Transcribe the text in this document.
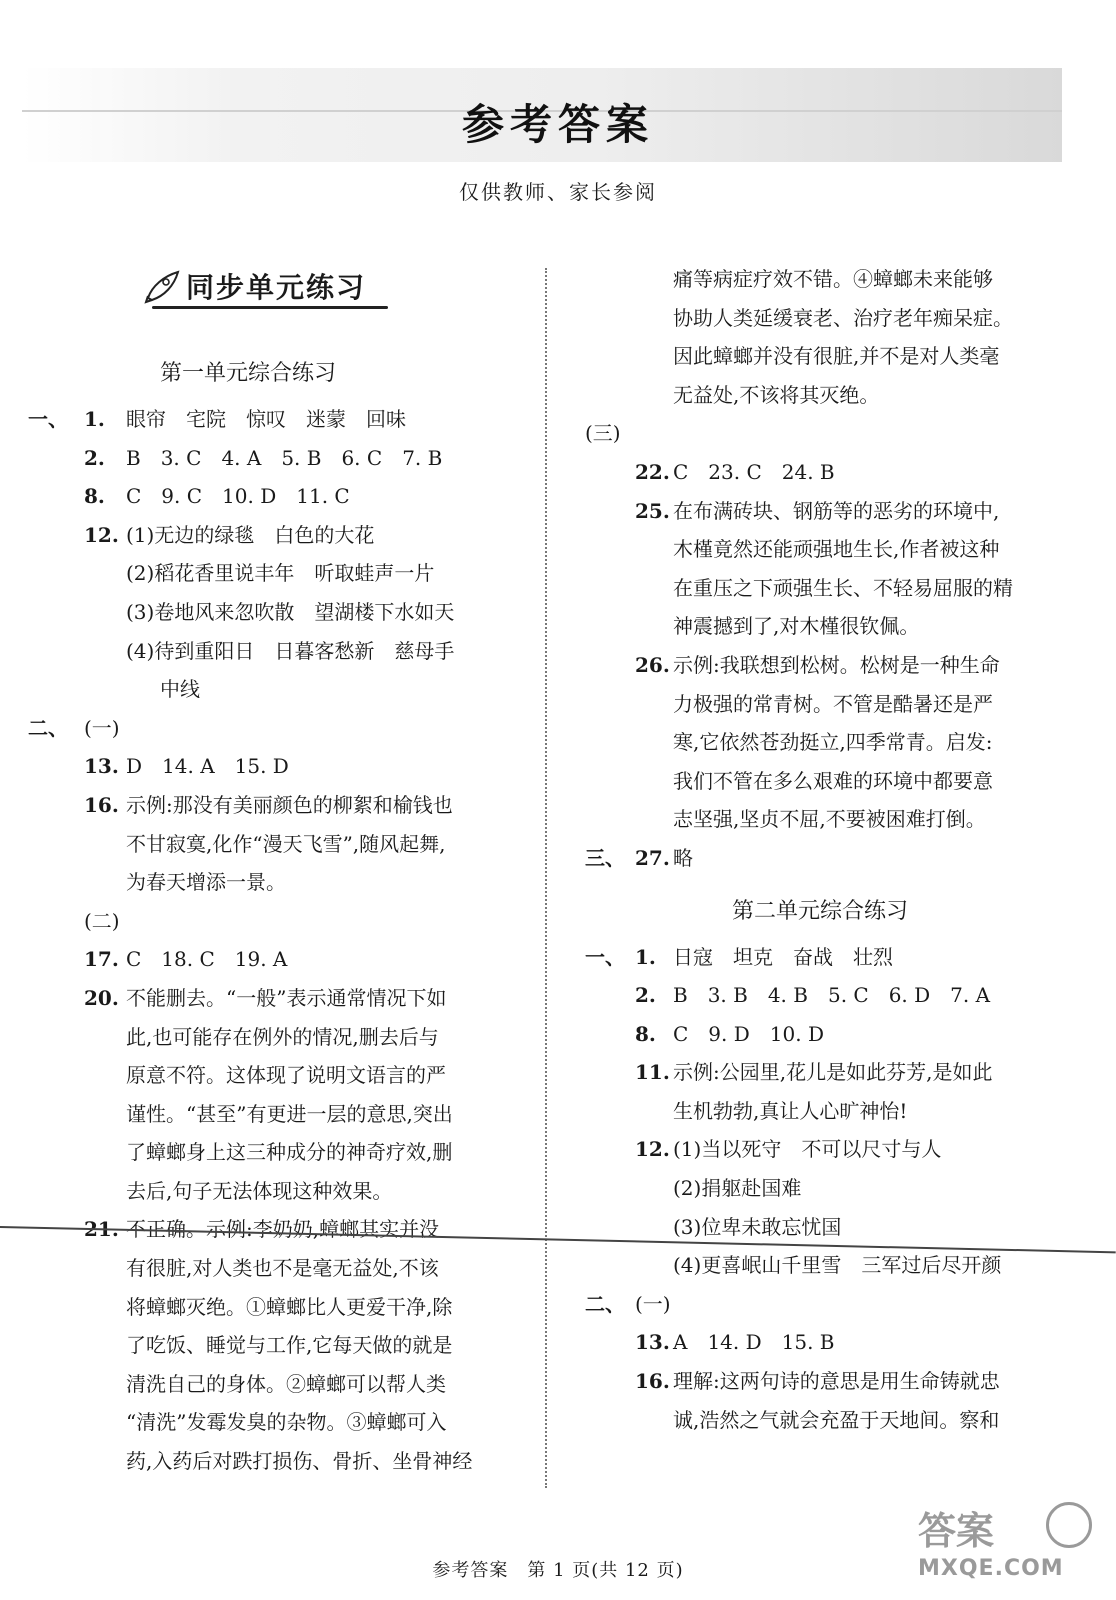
参考答案
仅供教师、家长参阅
同步单元练习
第一单元综合练习
一、 1. 眼帘　宅院　惊叹　迷蒙　回味
2. B　3. C　4. A　5. B　6. C　7. B
8. C　9. C　10. D　11. C
12. (1)无边的绿毯　白色的大花
(2)稻花香里说丰年　听取蛙声一片
(3)卷地风来忽吹散　望湖楼下水如天
(4)待到重阳日　日暮客愁新　慈母手
中线
二、 (一)
13. D　14. A　15. D
16. 示例:那没有美丽颜色的柳絮和榆钱也
不甘寂寞,化作“漫天飞雪”,随风起舞,
为春天增添一景。
(二)
17. C　18. C　19. A
20. 不能删去。“一般”表示通常情况下如
此,也可能存在例外的情况,删去后与
原意不符。这体现了说明文语言的严
谨性。“甚至”有更进一层的意思,突出
了蟑螂身上这三种成分的神奇疗效,删
去后,句子无法体现这种效果。
21. 不正确。示例:李奶奶,蟑螂其实并没
有很脏,对人类也不是毫无益处,不该
将蟑螂灭绝。①蟑螂比人更爱干净,除
了吃饭、睡觉与工作,它每天做的就是
清洗自己的身体。②蟑螂可以帮人类
“清洗”发霉发臭的杂物。③蟑螂可入
药,入药后对跌打损伤、骨折、坐骨神经
痛等病症疗效不错。④蟑螂未来能够
协助人类延缓衰老、治疗老年痴呆症。
因此蟑螂并没有很脏,并不是对人类毫
无益处,不该将其灭绝。
(三)
22. C　23. C　24. B
25. 在布满砖块、钢筋等的恶劣的环境中,
木槿竟然还能顽强地生长,作者被这种
在重压之下顽强生长、不轻易屈服的精
神震撼到了,对木槿很钦佩。
26. 示例:我联想到松树。松树是一种生命
力极强的常青树。不管是酷暑还是严
寒,它依然苍劲挺立,四季常青。启发:
我们不管在多么艰难的环境中都要意
志坚强,坚贞不屈,不要被困难打倒。
三、 27. 略
第二单元综合练习
一、 1. 日寇　坦克　奋战　壮烈
2. B　3. B　4. B　5. C　6. D　7. A
8. C　9. D　10. D
11. 示例:公园里,花儿是如此芬芳,是如此
生机勃勃,真让人心旷神怡!
12. (1)当以死守　不可以尺寸与人
(2)捐躯赴国难
(3)位卑未敢忘忧国
(4)更喜岷山千里雪　三军过后尽开颜
二、 (一)
13. A　14. D　15. B
16. 理解:这两句诗的意思是用生命铸就忠
诚,浩然之气就会充盈于天地间。察和
参考答案　第 1 页(共 12 页)
答案
MXQE.COM
